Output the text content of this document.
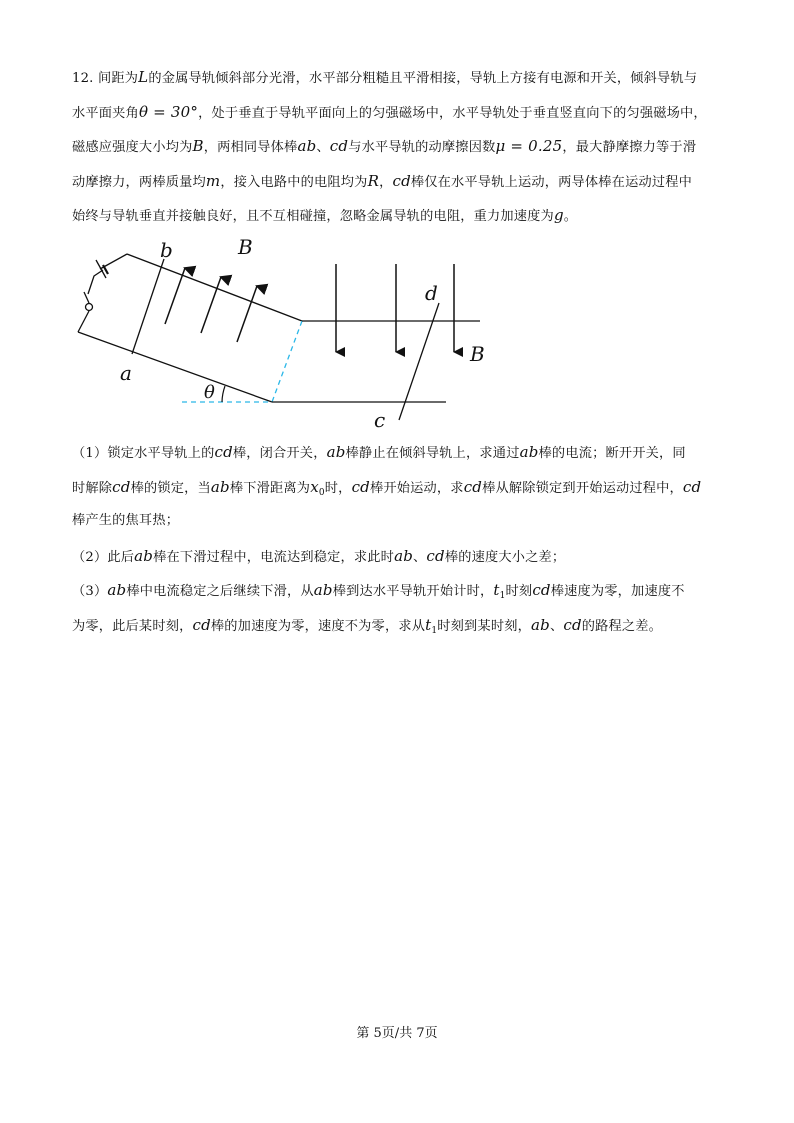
12. 间距为L的金属导轨倾斜部分光滑，水平部分粗糙且平滑相接，导轨上方接有电源和开关，倾斜导轨与
水平面夹角θ = 30°，处于垂直于导轨平面向上的匀强磁场中，水平导轨处于垂直竖直向下的匀强磁场中，
磁感应强度大小均为B，两相同导体棒ab、cd与水平导轨的动摩擦因数μ = 0.25，最大静摩擦力等于滑
动摩擦力，两棒质量均m，接入电路中的电阻均为R，cd棒仅在水平导轨上运动，两导体棒在运动过程中
始终与导轨垂直并接触良好，且不互相碰撞，忽略金属导轨的电阻，重力加速度为g。
θ
b
a
B
B
d
c
（1）锁定水平导轨上的cd棒，闭合开关，ab棒静止在倾斜导轨上，求通过ab棒的电流；断开开关，同
时解除cd棒的锁定，当ab棒下滑距离为$x_0$时，cd棒开始运动，求cd棒从解除锁定到开始运动过程中，cd
棒产生的焦耳热；
（2）此后ab棒在下滑过程中，电流达到稳定，求此时ab、cd棒的速度大小之差；
（3）ab棒中电流稳定之后继续下滑，从ab棒到达水平导轨开始计时，$t_1$时刻cd棒速度为零，加速度不
为零，此后某时刻，cd棒的加速度为零，速度不为零，求从$t_1$时刻到某时刻，ab、cd的路程之差。
第 5页/共 7页
